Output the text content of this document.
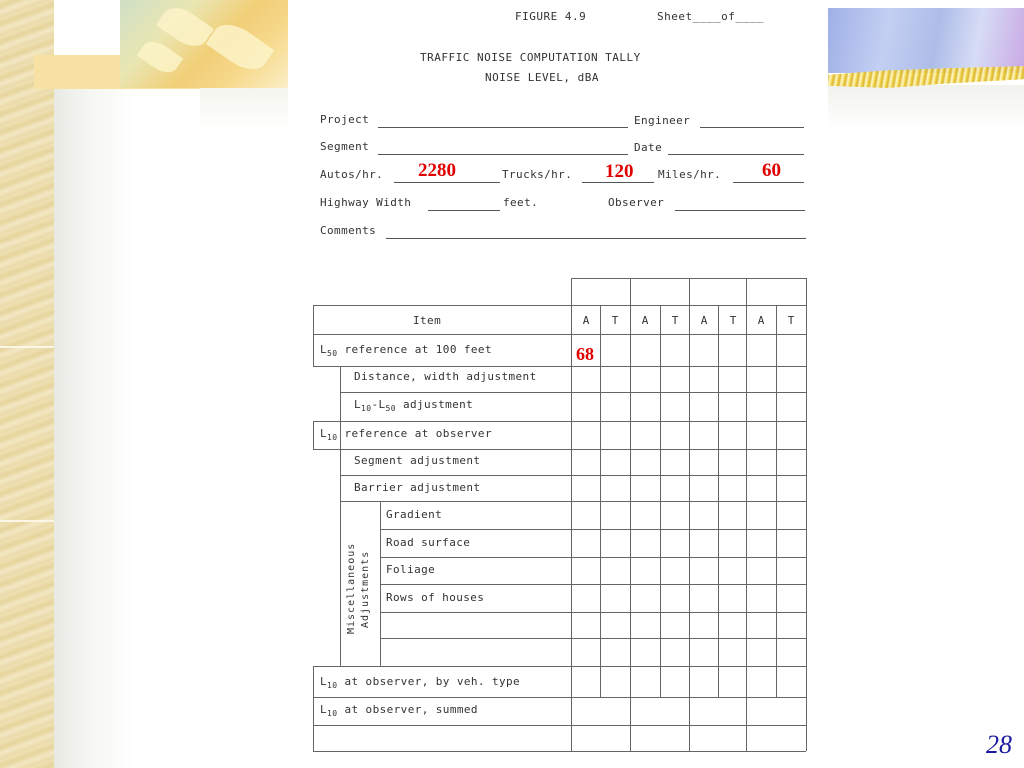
FIGURE 4.9	Sheet____of____
TRAFFIC NOISE COMPUTATION TALLY
NOISE LEVEL, dBA
Project	Engineer
Segment	Date
Autos/hr. 2280	Trucks/hr. 120 Miles/hr. 60
Highway Width	feet.	Observer
Comments
Item	A	T	A	T	A	T	A	T
$L_{50}$ reference at 100 feet	68
Distance, width adjustment
$L_{10}-L_{50}$ adjustment
$L_{10}$ reference at observer
Segment adjustment
Barrier adjustment
Miscellaneous Adjustments
Gradient
Road surface
Foliage
Rows of houses
$L_{10}$ at observer, by veh. type
$L_{10}$ at observer, summed
28
